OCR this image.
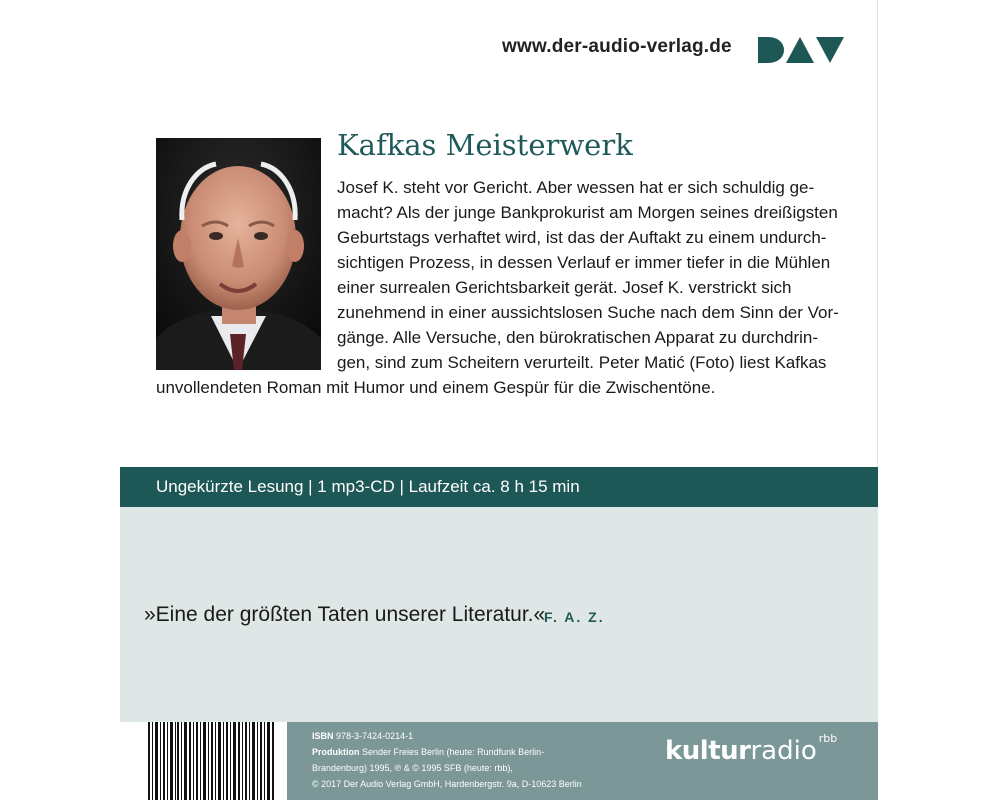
www.der-audio-verlag.de
Kafkas Meisterwerk
Josef K. steht vor Gericht. Aber wessen hat er sich schuldig ge-
macht? Als der junge Bankprokurist am Morgen seines dreißigsten
Geburtstags verhaftet wird, ist das der Auftakt zu einem undurch-
sichtigen Prozess, in dessen Verlauf er immer tiefer in die Mühlen
einer surrealen Gerichtsbarkeit gerät. Josef K. verstrickt sich
zunehmend in einer aussichtslosen Suche nach dem Sinn der Vor-
gänge. Alle Versuche, den bürokratischen Apparat zu durchdrin-
gen, sind zum Scheitern verurteilt. Peter Matić (Foto) liest Kafkas
unvollendeten Roman mit Humor und einem Gespür für die Zwischentöne.
Ungekürzte Lesung | 1 mp3-CD | Laufzeit ca. 8 h 15 min
»Eine der größten Taten unserer Literatur.«
F. A. Z.
ISBN 978-3-7424-0214-1
Produktion Sender Freies Berlin (heute: Rundfunk Berlin-
Brandenburg) 1995, ℗ & © 1995 SFB (heute: rbb),
© 2017 Der Audio Verlag GmbH, Hardenbergstr. 9a, D-10623 Berlin
kulturradio $^{rbb}$
